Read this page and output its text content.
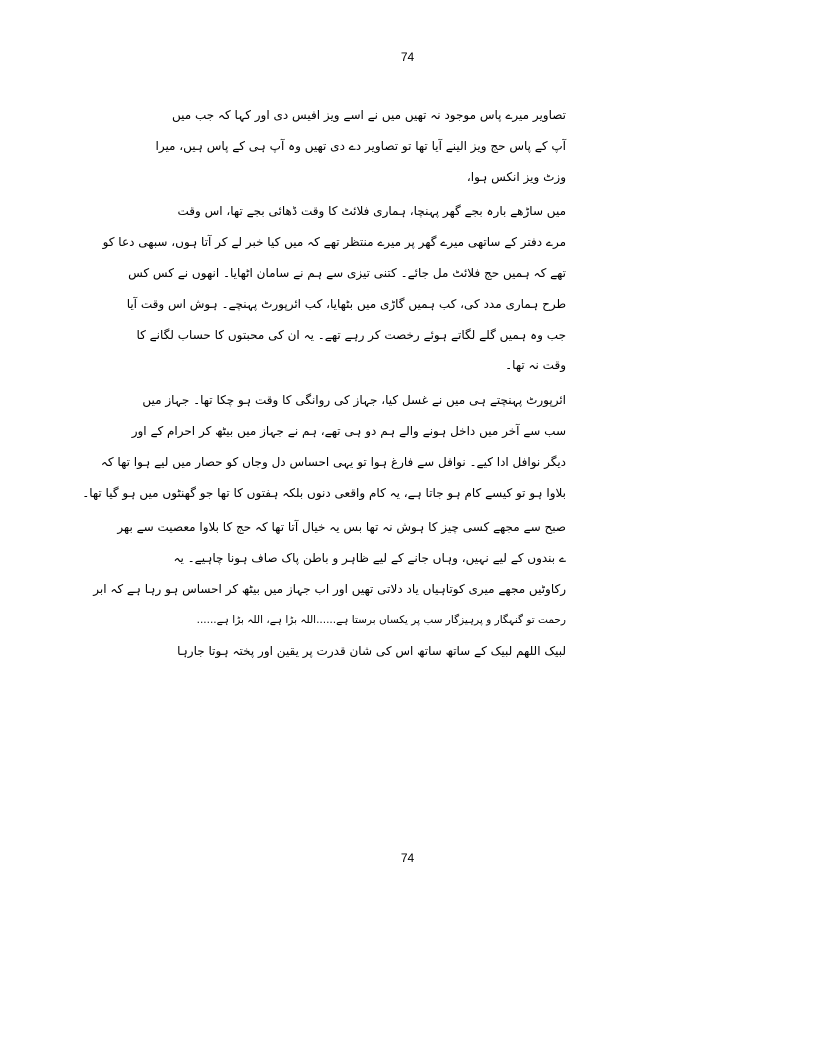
74

تصاویر میرے پاس موجود نہ تھیں میں نے اسے ویز افیس دی اور کہا کہ جب میں
آپ کے پاس حج ویز الینے آیا تھا تو تصاویر دے دی تھیں وہ آپ ہی کے پاس ہیں، میرا
وزٹ ویز انکس ہوا،

میں ساڑھے بارہ بجے گھر پہنچا، ہماری فلائٹ کا وقت ڈھائی بجے تھا، اس وقت
مرے دفتر کے ساتھی میرے گھر پر میرے منتظر تھے کہ میں کیا خبر لے کر آتا ہوں، سبھی دعا کو
تھے کہ ہمیں حج فلائٹ مل جائے۔ کتنی تیزی سے ہم نے سامان اٹھایا۔ انھوں نے کس کس
طرح ہماری مدد کی، کب ہمیں گاڑی میں بٹھایا، کب ائرپورٹ پہنچے۔ ہوش اس وقت آیا
جب وہ ہمیں گلے لگاتے ہوئے رخصت کر رہے تھے۔ یہ ان کی محبتوں کا حساب لگانے کا
وقت نہ تھا۔

ائرپورٹ پہنچتے ہی میں نے غسل کیا، جہاز کی روانگی کا وقت ہو چکا تھا۔ جہاز میں
سب سے آخر میں داخل ہونے والے ہم دو ہی تھے، ہم نے جہاز میں بیٹھ کر احرام کے اور
دیگر نوافل ادا کیے۔ نوافل سے فارغ ہوا تو یہی احساس دل وجاں کو حصار میں لیے ہوا تھا کہ
بلاوا ہو تو کیسے کام ہو جاتا ہے، یہ کام واقعی دنوں بلکہ ہفتوں کا تھا جو گھنٹوں میں ہو گیا تھا۔

صبح سے مجھے کسی چیز کا ہوش نہ تھا بس یہ خیال آتا تھا کہ حج کا بلاوا معصیت سے بھر
ے بندوں کے لیے نہیں، وہاں جانے کے لیے ظاہر و باطن پاک صاف ہونا چاہیے۔ یہ
رکاوٹیں مجھے میری کوتاہیاں یاد دلاتی تھیں اور اب جہاز میں بیٹھ کر احساس ہو رہا ہے کہ ابر
رحمت تو گنہگار و پرہیزگار سب پر یکساں برستا ہے......اللہ بڑا ہے، اللہ بڑا ہے......
لبیک اللھم لبیک کے ساتھ ساتھ اس کی شان قدرت پر یقین اور پختہ ہوتا جارہا

74
